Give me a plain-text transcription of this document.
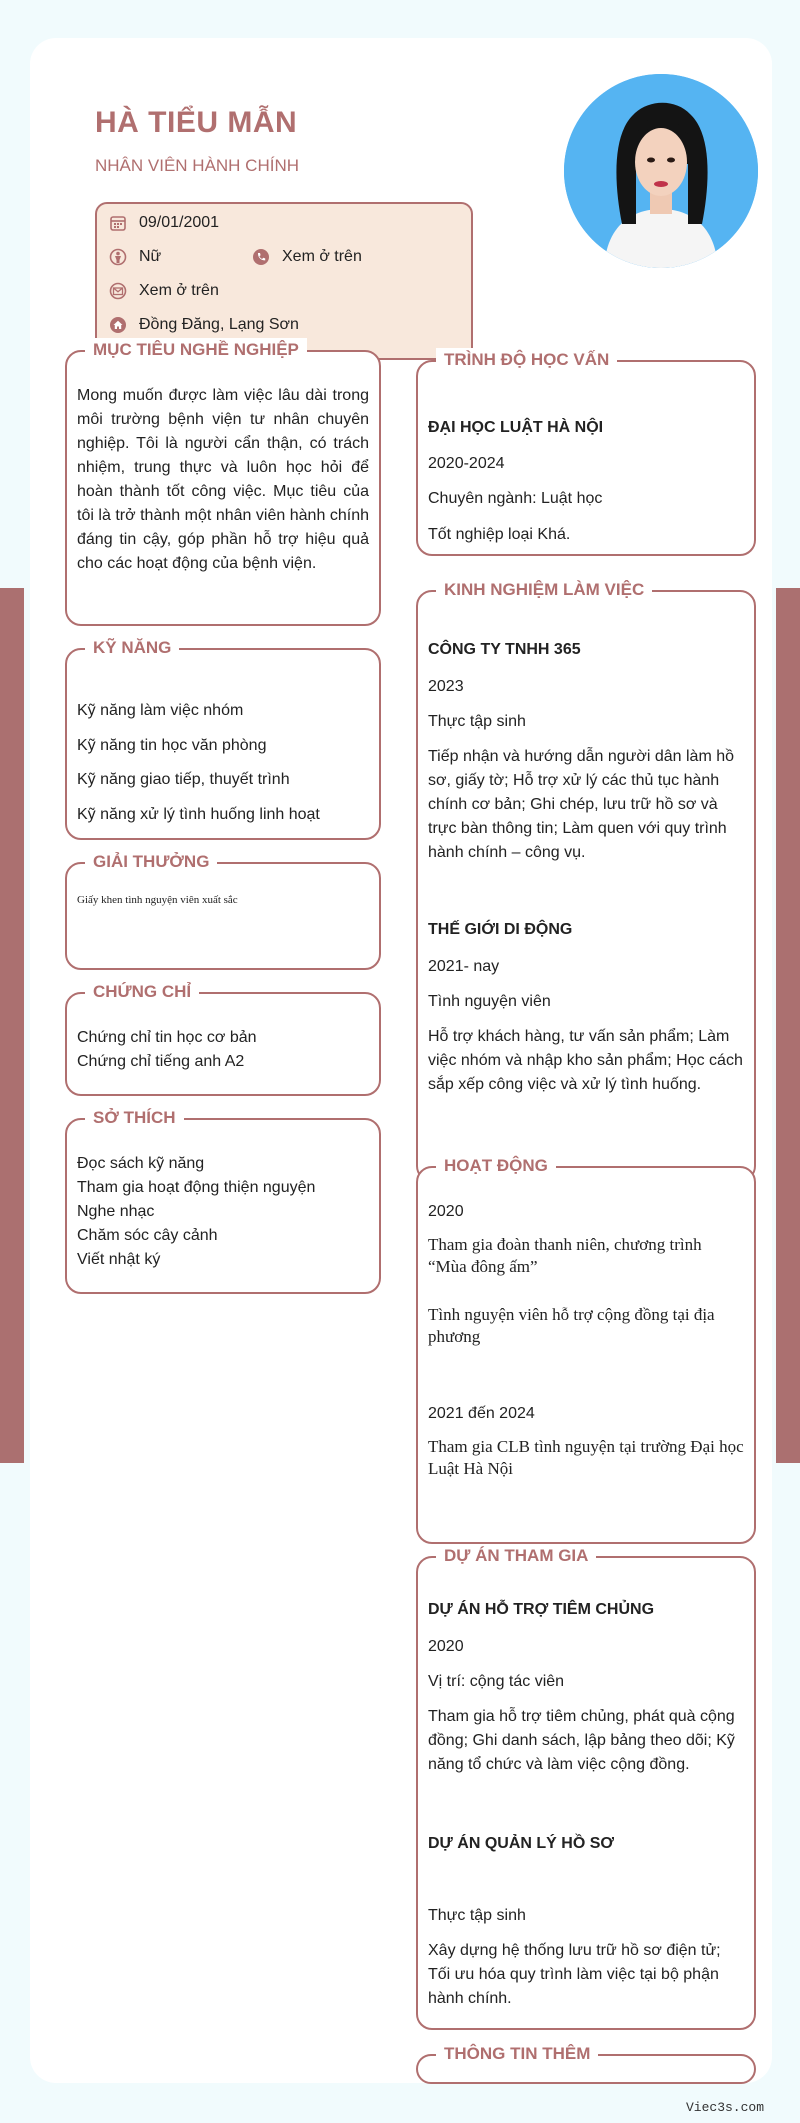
HÀ TIỂU MẪN
NHÂN VIÊN HÀNH CHÍNH
09/01/2001
Nữ	Xem ở trên
Xem ở trên
Đồng Đăng, Lạng Sơn
MỤC TIÊU NGHỀ NGHIỆP
Mong muốn được làm việc lâu dài trong môi trường bệnh viện tư nhân chuyên nghiệp. Tôi là người cẩn thận, có trách nhiệm, trung thực và luôn học hỏi để hoàn thành tốt công việc. Mục tiêu của tôi là trở thành một nhân viên hành chính đáng tin cậy, góp phần hỗ trợ hiệu quả cho các hoạt động của bệnh viện.
KỸ NĂNG
Kỹ năng làm việc nhóm
Kỹ năng tin học văn phòng
Kỹ năng giao tiếp, thuyết trình
Kỹ năng xử lý tình huống linh hoạt
GIẢI THƯỞNG
Giấy khen tình nguyện viên xuất sắc
CHỨNG CHỈ
Chứng chỉ tin học cơ bản
Chứng chỉ tiếng anh A2
SỞ THÍCH
Đọc sách kỹ năng
Tham gia hoạt động thiện nguyện
Nghe nhạc
Chăm sóc cây cảnh
Viết nhật ký
TRÌNH ĐỘ HỌC VẤN
ĐẠI HỌC LUẬT HÀ NỘI
2020-2024
Chuyên ngành: Luật học
Tốt nghiệp loại Khá.
KINH NGHIỆM LÀM VIỆC
CÔNG TY TNHH 365
2023
Thực tập sinh
Tiếp nhận và hướng dẫn người dân làm hồ sơ, giấy tờ; Hỗ trợ xử lý các thủ tục hành chính cơ bản; Ghi chép, lưu trữ hồ sơ và trực bàn thông tin; Làm quen với quy trình hành chính – công vụ.
THẾ GIỚI DI ĐỘNG
2021- nay
Tình nguyện viên
Hỗ trợ khách hàng, tư vấn sản phẩm; Làm việc nhóm và nhập kho sản phẩm; Học cách sắp xếp công việc và xử lý tình huống.
HOẠT ĐỘNG
2020
Tham gia đoàn thanh niên, chương trình “Mùa đông ấm”
Tình nguyện viên hỗ trợ cộng đồng tại địa phương
2021 đến 2024
Tham gia CLB tình nguyện tại trường Đại học Luật Hà Nội
DỰ ÁN THAM GIA
DỰ ÁN HỖ TRỢ TIÊM CHỦNG
2020
Vị trí: cộng tác viên
Tham gia hỗ trợ tiêm chủng, phát quà cộng đồng; Ghi danh sách, lập bảng theo dõi; Kỹ năng tổ chức và làm việc cộng đồng.
DỰ ÁN QUẢN LÝ HỒ SƠ
Thực tập sinh
Xây dựng hệ thống lưu trữ hồ sơ điện tử; Tối ưu hóa quy trình làm việc tại bộ phận hành chính.
THÔNG TIN THÊM
Viec3s.com
